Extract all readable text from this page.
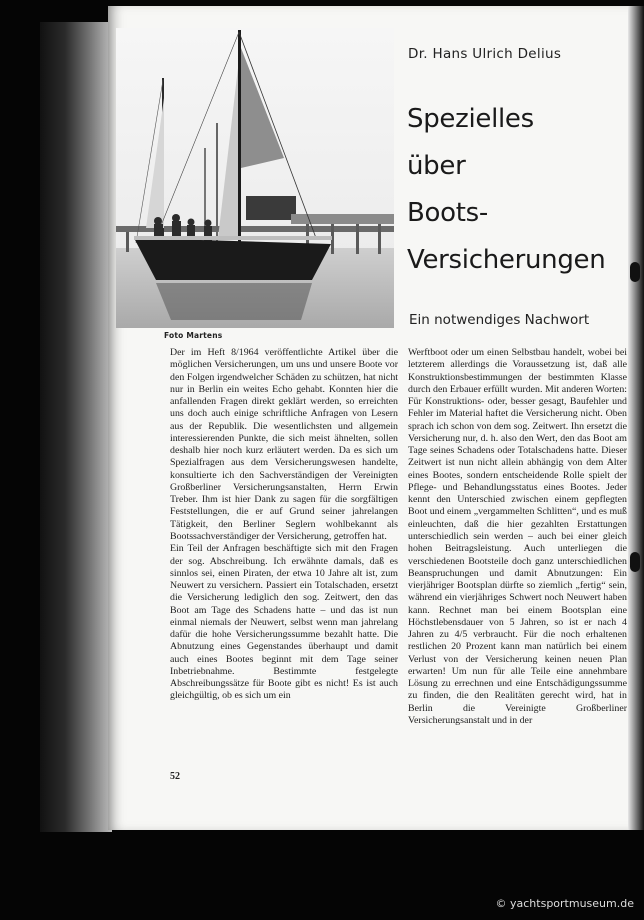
Foto Martens
Dr. Hans Ulrich Delius
Spezielles
über
Boots-
Versicherungen
Ein notwendiges Nachwort

Der im Heft 8/1964 veröffentlichte Artikel über die möglichen Versicherungen, um uns und unsere Boote vor den Folgen irgendwelcher Schäden zu schützen, hat nicht nur in Berlin ein weites Echo gehabt. Konnten hier die anfallenden Fragen direkt geklärt werden, so erreichten uns doch auch einige schriftliche Anfragen von Lesern aus der Republik. Die wesentlichsten und allgemein interessierenden Punkte, die sich meist ähnelten, sollen deshalb hier noch kurz erläutert werden. Da es sich um Spezialfragen aus dem Versicherungswesen handelte, konsultierte ich den Sachverständigen der Vereinigten Großberliner Versicherungsanstalten, Herrn Erwin Treber. Ihm ist hier Dank zu sagen für die sorgfältigen Feststellungen, die er auf Grund seiner jahrelangen Tätigkeit, den Berliner Seglern wohlbekannt als Bootssachverständiger der Versicherung, getroffen hat.

Ein Teil der Anfragen beschäftigte sich mit den Fragen der sog. Abschreibung. Ich erwähnte damals, daß es sinnlos sei, einen Piraten, der etwa 10 Jahre alt ist, zum Neuwert zu versichern. Passiert ein Totalschaden, ersetzt die Versicherung lediglich den sog. Zeitwert, den das Boot am Tage des Schadens hatte – und das ist nun einmal niemals der Neuwert, selbst wenn man jahrelang dafür die hohe Versicherungssumme bezahlt hatte. Die Abnutzung eines Gegenstandes überhaupt und damit auch eines Bootes beginnt mit dem Tage seiner Inbetriebnahme. Bestimmte festgelegte Abschreibungssätze für Boote gibt es nicht! Es ist auch gleichgültig, ob es sich um ein

Werftboot oder um einen Selbstbau handelt, wobei bei letzterem allerdings die Voraussetzung ist, daß alle Konstruktionsbestimmungen der bestimmten Klasse durch den Erbauer erfüllt wurden. Mit anderen Worten: Für Konstruktions- oder, besser gesagt, Baufehler und Fehler im Material haftet die Versicherung nicht. Oben sprach ich schon von dem sog. Zeitwert. Ihn ersetzt die Versicherung nur, d. h. also den Wert, den das Boot am Tage seines Schadens oder Totalschadens hatte. Dieser Zeitwert ist nun nicht allein abhängig von dem Alter eines Bootes, sondern entscheidende Rolle spielt der Pflege- und Behandlungsstatus eines Bootes. Jeder kennt den Unterschied zwischen einem gepflegten Boot und einem „vergammelten Schlitten“, und es muß einleuchten, daß die hier gezahlten Erstattungen unterschiedlich sein werden – auch bei einer gleich hohen Beitragsleistung. Auch unterliegen die verschiedenen Bootsteile doch ganz unterschiedlichen Beanspruchungen und damit Abnutzungen: Ein vierjähriger Bootsplan dürfte so ziemlich „fertig“ sein, während ein vierjähriges Schwert noch Neuwert haben kann. Rechnet man bei einem Bootsplan eine Höchstlebensdauer von 5 Jahren, so ist er nach 4 Jahren zu 4/5 verbraucht. Für die noch erhaltenen restlichen 20 Prozent kann man natürlich bei einem Verlust von der Versicherung keinen neuen Plan erwarten! Um nun für alle Teile eine annehmbare Lösung zu errechnen und eine Entschädigungssumme zu finden, die den Realitäten gerecht wird, hat in Berlin die Vereinigte Großberliner Versicherungsanstalt und in der

52
© yachtsportmuseum.de
